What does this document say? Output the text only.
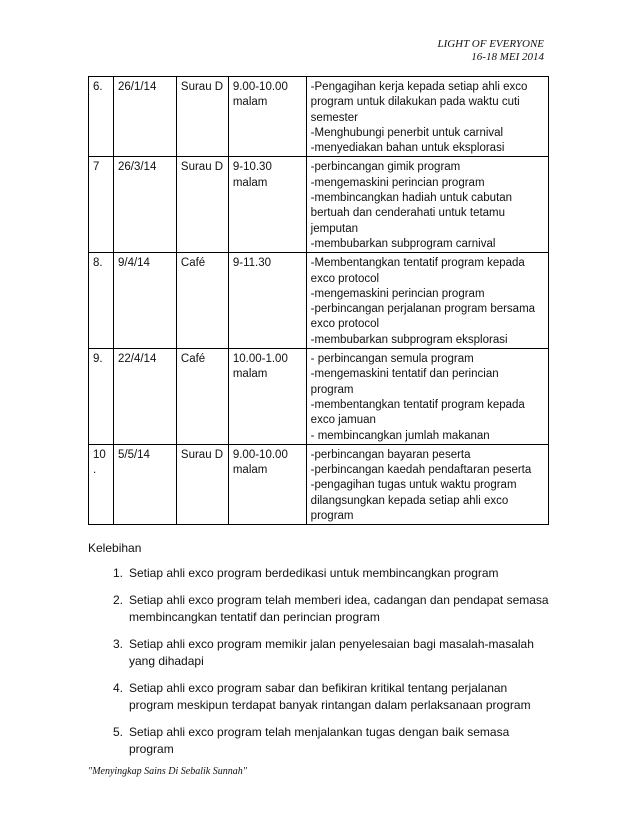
LIGHT OF EVERYONE
16-18 MEI 2014
6.	26/1/14	Surau D	9.00-10.00 malam	-Pengagihan kerja kepada setiap ahli exco program untuk dilakukan pada waktu cuti semester
-Menghubungi penerbit untuk carnival
-menyediakan bahan untuk eksplorasi

7	26/3/14	Surau D	9-10.30 malam	-perbincangan gimik program
-mengemaskini perincian program
-membincangkan hadiah untuk cabutan bertuah dan cenderahati untuk tetamu jemputan
-membubarkan subprogram carnival

8.	9/4/14	Café	9-11.30	-Membentangkan tentatif program kepada exco protocol
-mengemaskini perincian program
-perbincangan perjalanan program bersama exco protocol
-membubarkan subprogram eksplorasi

9.	22/4/14	Café	10.00-1.00 malam	- perbincangan semula program
-mengemaskini tentatif dan perincian program
-membentangkan tentatif program kepada exco jamuan
- membincangkan jumlah makanan

10 .	5/5/14	Surau D	9.00-10.00 malam	-perbincangan bayaran peserta
-perbincangan kaedah pendaftaran peserta
-pengagihan tugas untuk waktu program dilangsungkan kepada setiap ahli exco program
Kelebihan
1. Setiap ahli exco program berdedikasi untuk membincangkan program
2. Setiap ahli exco program telah memberi idea, cadangan dan pendapat semasa membincangkan tentatif dan perincian program
3. Setiap ahli exco program memikir jalan penyelesaian bagi masalah-masalah yang dihadapi
4. Setiap ahli exco program sabar dan befikiran kritikal tentang perjalanan program meskipun terdapat banyak rintangan dalam perlaksanaan program
5. Setiap ahli exco program telah menjalankan tugas dengan baik semasa program
"Menyingkap Sains Di Sebalik Sunnah"
